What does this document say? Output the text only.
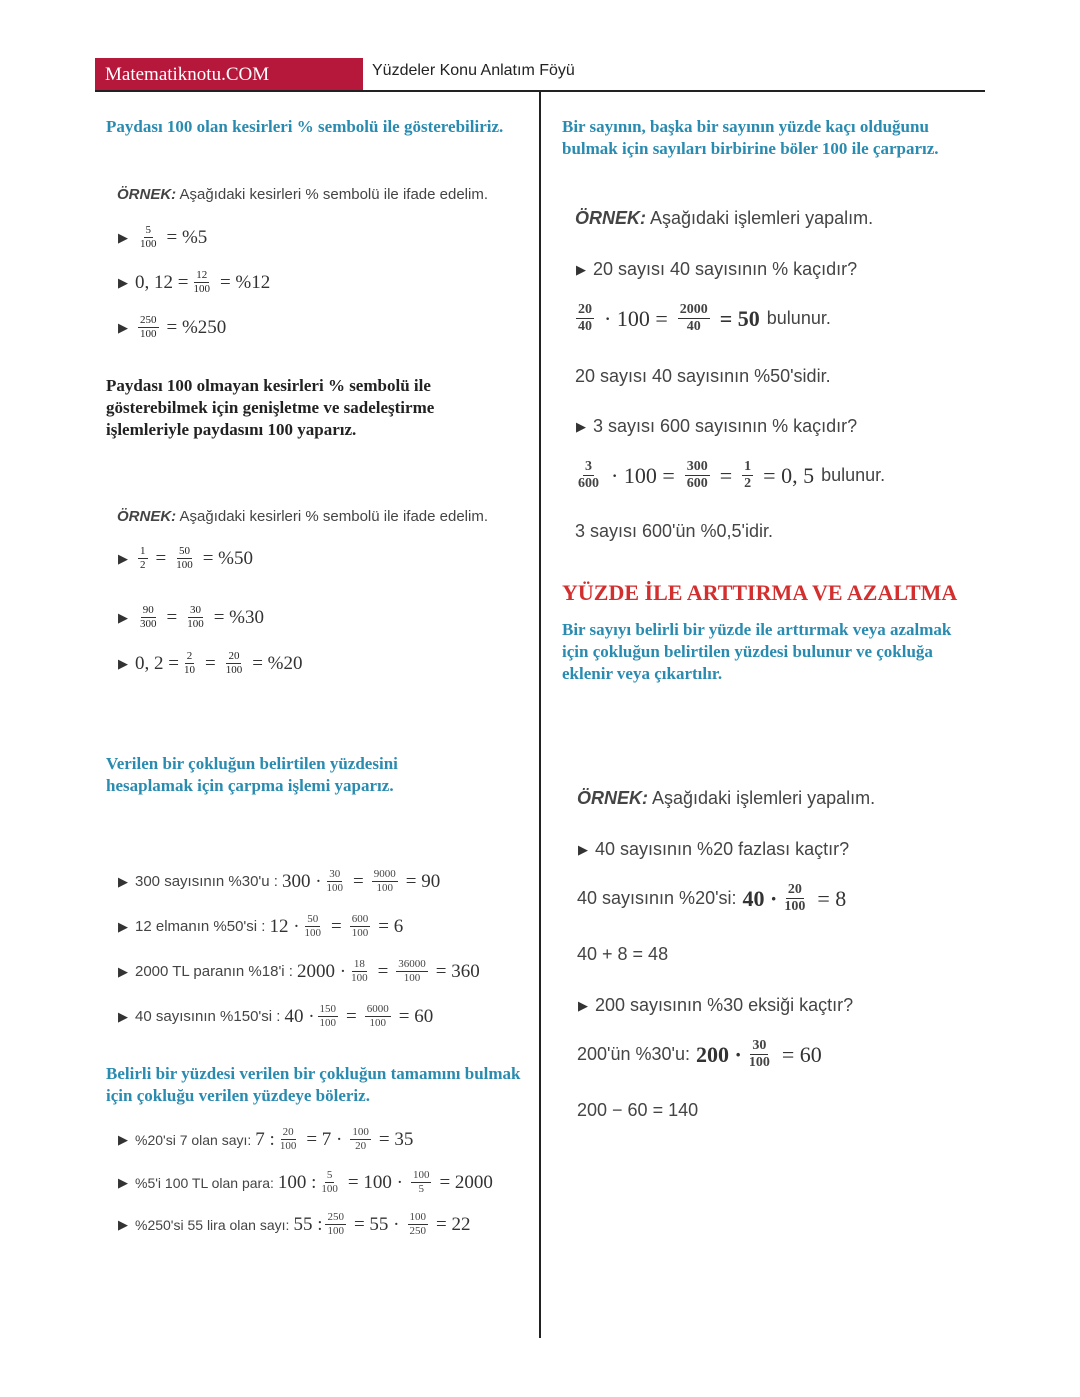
Matematiknotu.COM	Yüzdeler Konu Anlatım Föyü
Paydası 100 olan kesirleri % sembolü ile gösterebiliriz.
ÖRNEK: Aşağıdaki kesirleri % sembolü ile ifade edelim.
▶ $\frac{5}{100} = \%5$
▶ 0, $12 = \frac{12}{100} = \%12$
▶ $\frac{250}{100} = \%250$
Paydası 100 olmayan kesirleri % sembolü ile gösterebilmek için genişletme ve sadeleştirme işlemleriyle paydasını 100 yaparız.
ÖRNEK: Aşağıdaki kesirleri % sembolü ile ifade edelim.
▶ $\frac{1}{2} = \frac{50}{100} = \%50$
▶ $\frac{90}{300} = \frac{30}{100} = \%30$
▶ 0, $2 = \frac{2}{10} = \frac{20}{100} = \%20$
Verilen bir çokluğun belirtilen yüzdesini hesaplamak için çarpma işlemi yaparız.
▶ 300 sayısının %30'u : $300 \cdot \frac{30}{100} = \frac{9000}{100} = 90$
▶ 12 elmanın %50'si : $12 \cdot \frac{50}{100} = \frac{600}{100} = 6$
▶ 2000 TL paranın %18'i : $2000 \cdot \frac{18}{100} = \frac{36000}{100} = 360$
▶ 40 sayısının %150'si : $40 \cdot \frac{150}{100} = \frac{6000}{100} = 60$
Belirli bir yüzdesi verilen bir çokluğun tamamını bulmak için çokluğu verilen yüzdeye böleriz.
▶ %20'si 7 olan sayı: 7 : $\frac{20}{100} = 7 \cdot \frac{100}{20} = 35$
▶ %5'i 100 TL olan para: 100 : $\frac{5}{100} = 100 \cdot \frac{100}{5} = 2000$
▶ %250'si 55 lira olan sayı: 55 : $\frac{250}{100} = 55 \cdot \frac{100}{250} = 22$
Bir sayının, başka bir sayının yüzde kaçı olduğunu bulmak için sayıları birbirine böler 100 ile çarparız.
ÖRNEK: Aşağıdaki işlemleri yapalım.
▶ 20 sayısı 40 sayısının % kaçıdır?
$\frac{20}{40} \cdot 100 = \frac{2000}{40} = 50$ bulunur.
20 sayısı 40 sayısının %50'sidir.
▶ 3 sayısı 600 sayısının % kaçıdır?
$\frac{3}{600} \cdot 100 = \frac{300}{600} = \frac{1}{2} = 0$, 5 bulunur.
3 sayısı 600'ün %0,5'idir.
YÜZDE İLE ARTTIRMA VE AZALTMA
Bir sayıyı belirli bir yüzde ile arttırmak veya azalmak için çokluğun belirtilen yüzdesi bulunur ve çokluğa eklenir veya çıkartılır.
ÖRNEK: Aşağıdaki işlemleri yapalım.
▶ 40 sayısının %20 fazlası kaçtır?
40 sayısının %20'si: $40 \cdot \frac{20}{100} = 8$
40 + 8 = 48
▶ 200 sayısının %30 eksiği kaçtır?
200'ün %30'u: $200 \cdot \frac{30}{100} = 60$
200 − 60 = 140
